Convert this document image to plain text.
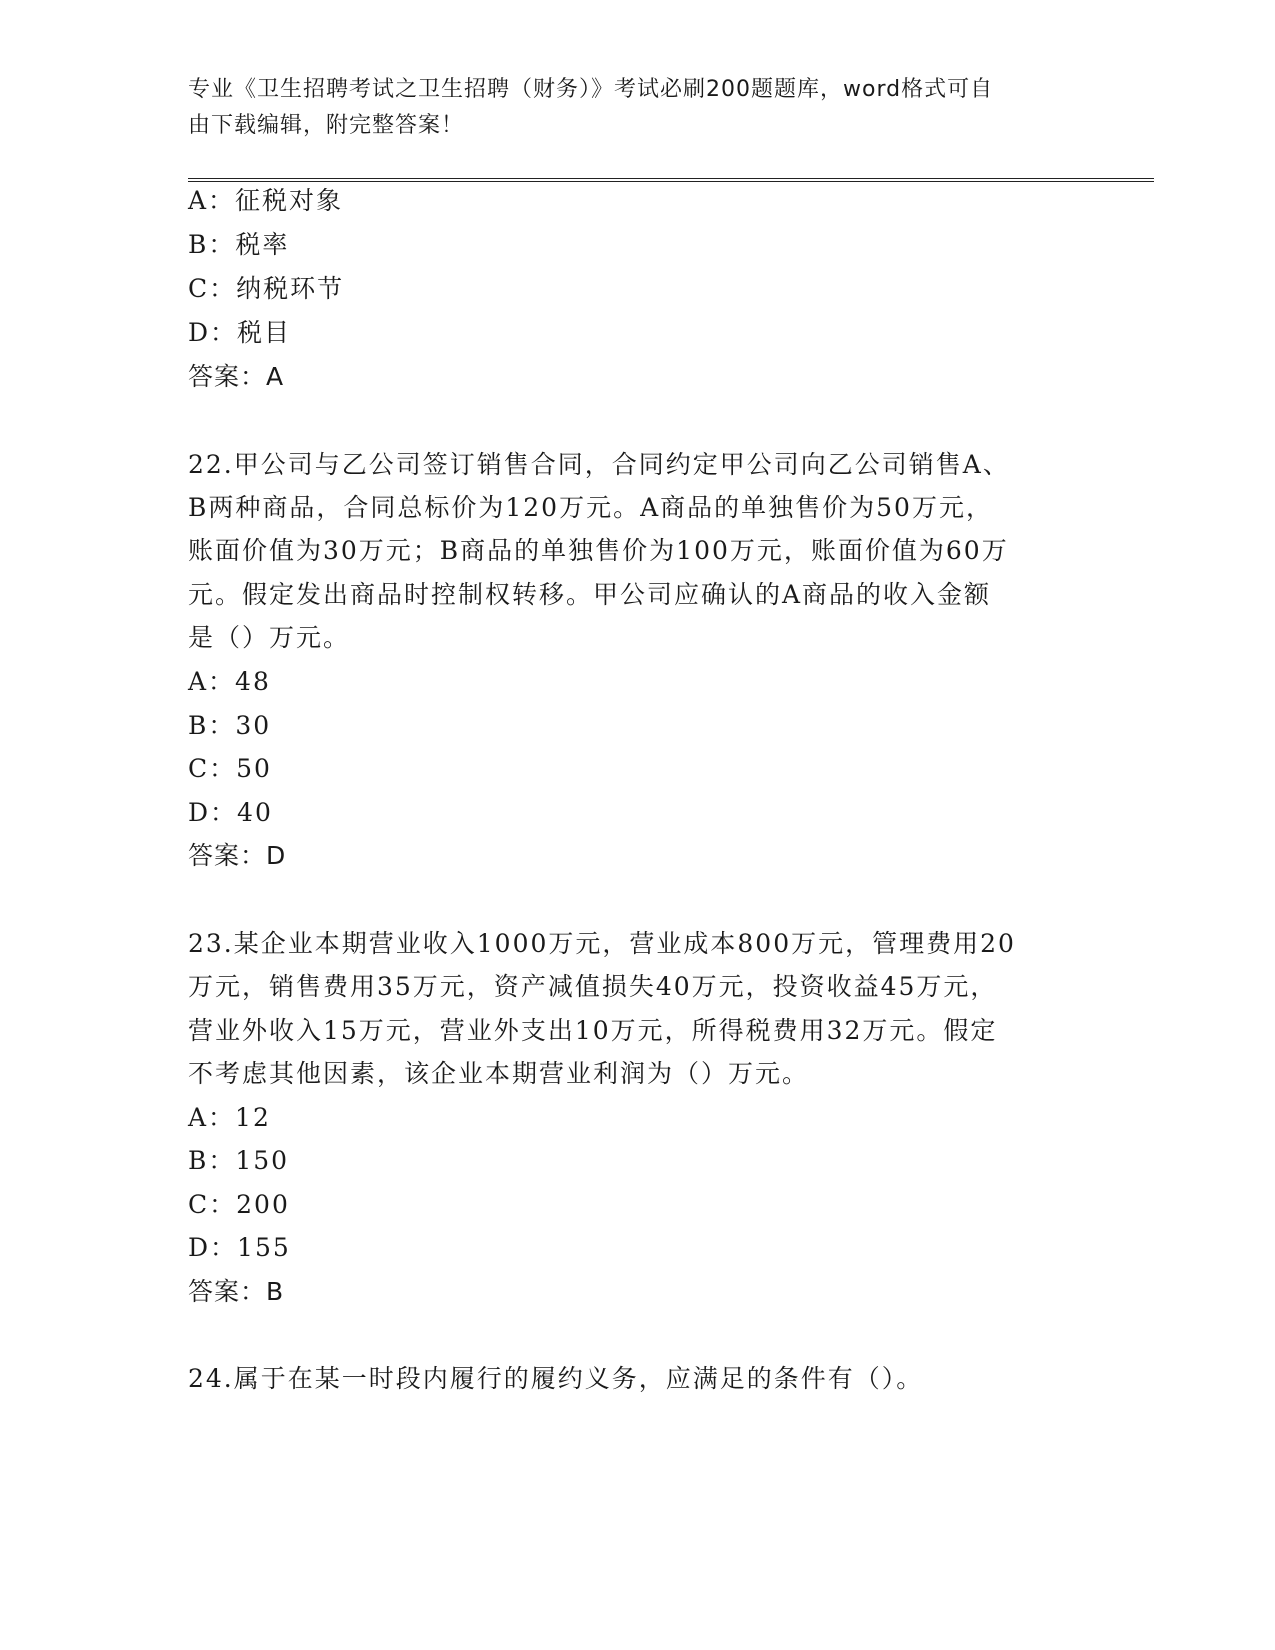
专业《卫生招聘考试之卫生招聘（财务）》考试必刷200题题库，word格式可自
由下载编辑，附完整答案！
A：征税对象
B：税率
C：纳税环节
D：税目
答案：A
22.甲公司与乙公司签订销售合同，合同约定甲公司向乙公司销售A、
B两种商品，合同总标价为120万元。A商品的单独售价为50万元，
账面价值为30万元；B商品的单独售价为100万元，账面价值为60万
元。假定发出商品时控制权转移。甲公司应确认的A商品的收入金额
是（）万元。
A：48
B：30
C：50
D：40
答案：D
23.某企业本期营业收入1000万元，营业成本800万元，管理费用20
万元，销售费用35万元，资产减值损失40万元，投资收益45万元，
营业外收入15万元，营业外支出10万元，所得税费用32万元。假定
不考虑其他因素，该企业本期营业利润为（）万元。
A：12
B：150
C：200
D：155
答案：B
24.属于在某一时段内履行的履约义务，应满足的条件有（）。
